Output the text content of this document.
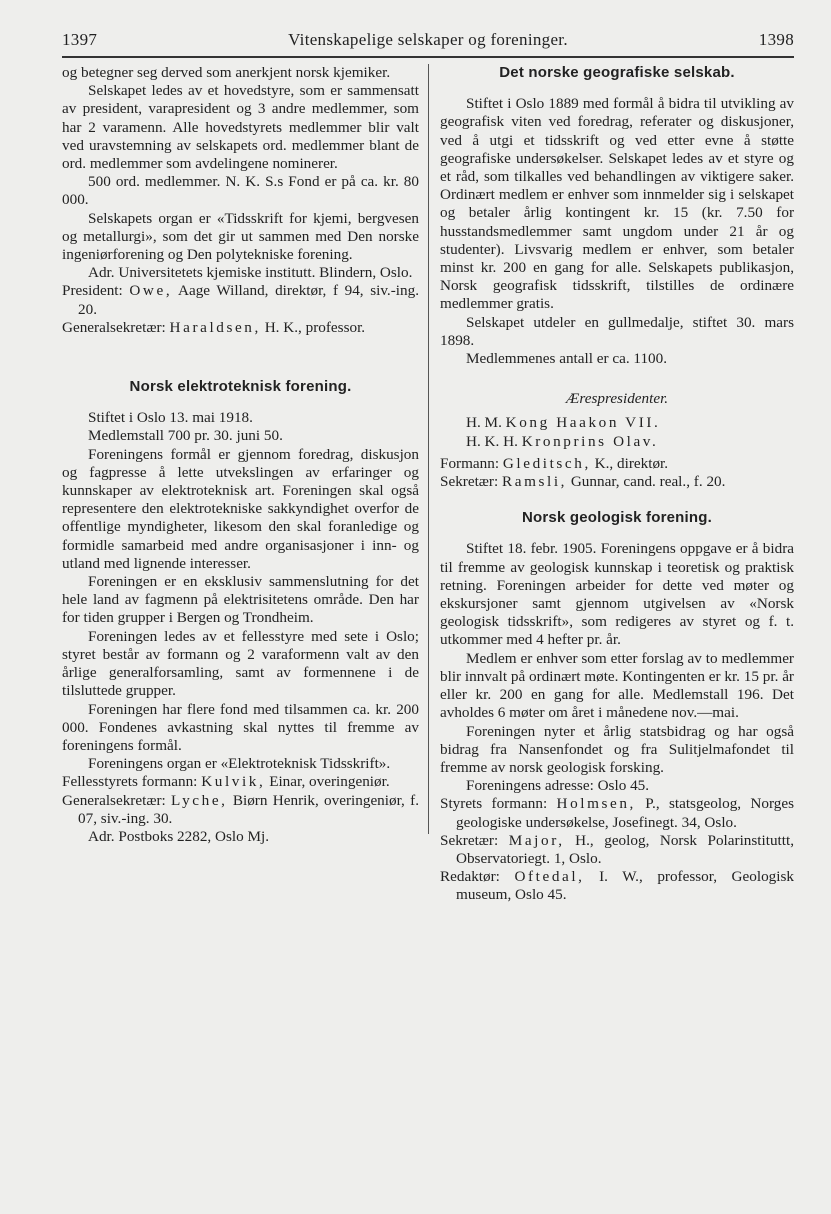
1397	Vitenskapelige selskaper og foreninger.	1398

og betegner seg derved som anerkjent norsk kjemiker.

Selskapet ledes av et hovedstyre, som er sammensatt av president, varapresident og 3 andre medlemmer, som har 2 varamenn. Alle hovedstyrets medlemmer blir valt ved uravstemning av selskapets ord. medlemmer blant de ord. medlemmer som avdelingene nominerer.

500 ord. medlemmer. N. K. S.s Fond er på ca. kr. 80 000.

Selskapets organ er «Tidsskrift for kjemi, bergvesen og metallurgi», som det gir ut sammen med Den norske ingeniørforening og Den polytekniske forening.

Adr. Universitetets kjemiske institutt. Blindern, Oslo.

President: Owe, Aage Willand, direktør, f 94, siv.-ing. 20.

Generalsekretær: Haraldsen, H. K., professor.

Norsk elektroteknisk forening.

Stiftet i Oslo 13. mai 1918.

Medlemstall 700 pr. 30. juni 50.

Foreningens formål er gjennom foredrag, diskusjon og fagpresse å lette utvekslingen av erfaringer og kunnskaper av elektroteknisk art. Foreningen skal også representere den elektrotekniske sakkyndighet overfor de offentlige myndigheter, likesom den skal foranledige og formidle samarbeid med andre organisasjoner i inn- og utland med lignende interesser.

Foreningen er en eksklusiv sammenslutning for det hele land av fagmenn på elektrisitetens område. Den har for tiden grupper i Bergen og Trondheim.

Foreningen ledes av et fellesstyre med sete i Oslo; styret består av formann og 2 varaformenn valt av den årlige generalforsamling, samt av formennene i de tilsluttede grupper.

Foreningen har flere fond med tilsammen ca. kr. 200 000. Fondenes avkastning skal nyttes til fremme av foreningens formål.

Foreningens organ er «Elektroteknisk Tidsskrift».

Fellesstyrets formann: Kulvik, Einar, overingeniør.

Generalsekretær: Lyche, Biørn Henrik, overingeniør, f. 07, siv.-ing. 30.

Adr. Postboks 2282, Oslo Mj.

Det norske geografiske selskab.

Stiftet i Oslo 1889 med formål å bidra til utvikling av geografisk viten ved foredrag, referater og diskusjoner, ved å utgi et tidsskrift og ved etter evne å støtte geografiske undersøkelser. Selskapet ledes av et styre og et råd, som tilkalles ved behandlingen av viktigere saker. Ordinært medlem er enhver som innmelder sig i selskapet og betaler årlig kontingent kr. 15 (kr. 7.50 for husstandsmedlemmer samt ungdom under 21 år og studenter). Livsvarig medlem er enhver, som betaler minst kr. 200 en gang for alle. Selskapets publikasjon, Norsk geografisk tidsskrift, tilstilles de ordinære medlemmer gratis.

Selskapet utdeler en gullmedalje, stiftet 30. mars 1898.

Medlemmenes antall er ca. 1100.

Ærespresidenter.

H. M. Kong Haakon VII.

H. K. H. Kronprins Olav.

Formann: Gleditsch, K., direktør.

Sekretær: Ramsli, Gunnar, cand. real., f. 20.

Norsk geologisk forening.

Stiftet 18. febr. 1905. Foreningens oppgave er å bidra til fremme av geologisk kunnskap i teoretisk og praktisk retning. Foreningen arbeider for dette ved møter og ekskursjoner samt gjennom utgivelsen av «Norsk geologisk tidsskrift», som redigeres av styret og f. t. utkommer med 4 hefter pr. år.

Medlem er enhver som etter forslag av to medlemmer blir innvalt på ordinært møte. Kontingenten er kr. 15 pr. år eller kr. 200 en gang for alle. Medlemstall 196. Det avholdes 6 møter om året i månedene nov.—mai.

Foreningen nyter et årlig statsbidrag og har også bidrag fra Nansenfondet og fra Sulitjelmafondet til fremme av norsk geologisk forsking.

Foreningens adresse: Oslo 45.

Styrets formann: Holmsen, P., statsgeolog, Norges geologiske undersøkelse, Josefinegt. 34, Oslo.

Sekretær: Major, H., geolog, Norsk Polarinstituttt, Observatoriegt. 1, Oslo.

Redaktør: Oftedal, I. W., professor, Geologisk museum, Oslo 45.
